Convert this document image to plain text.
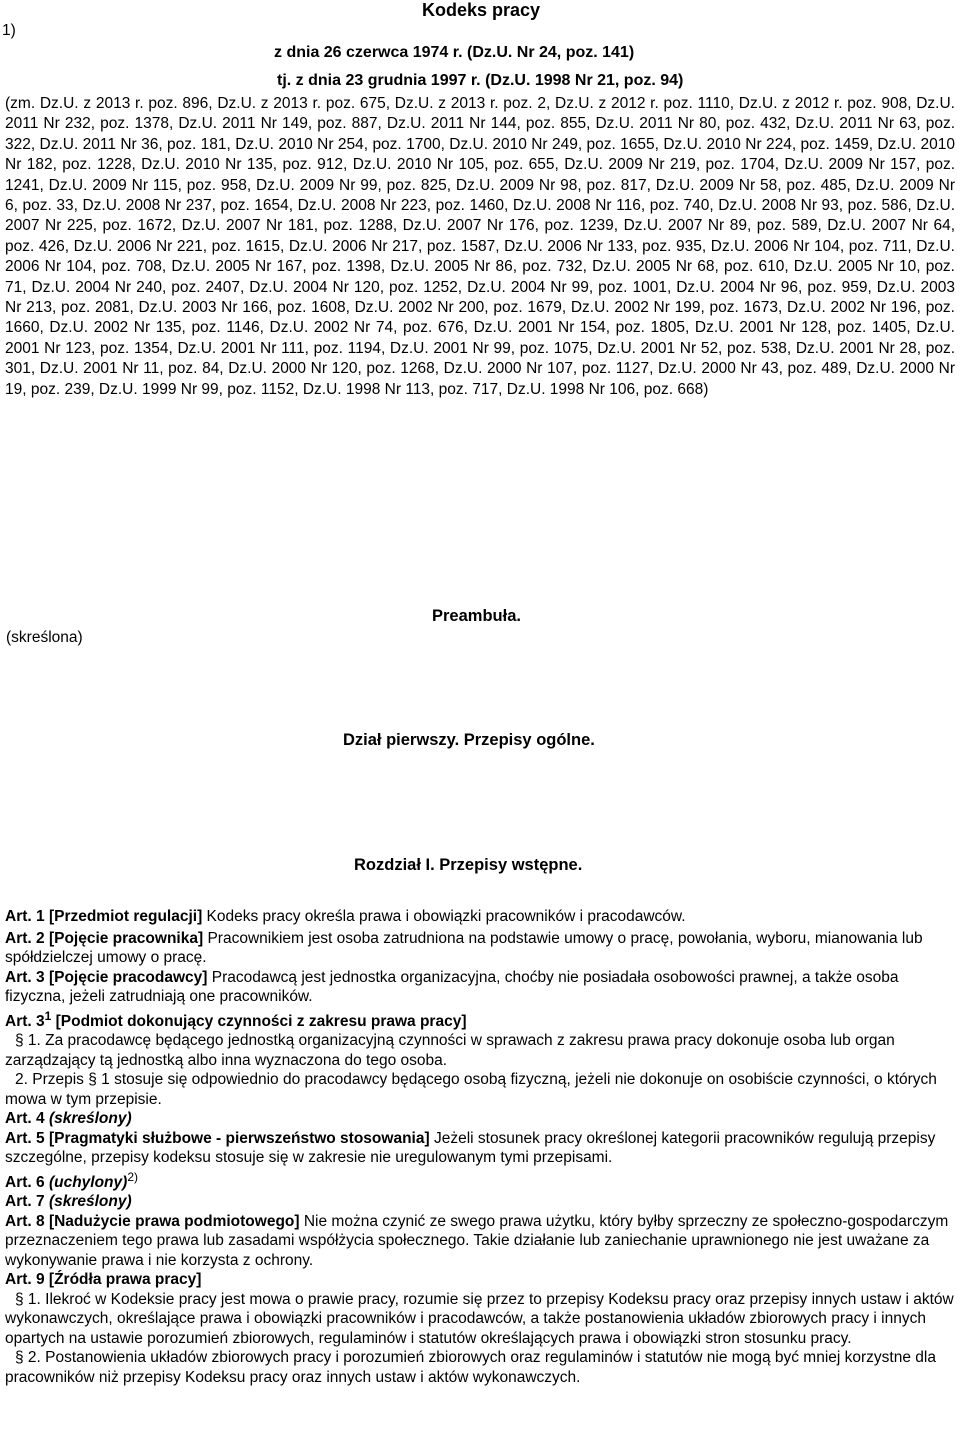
1)
Kodeks pracy
z dnia 26 czerwca 1974 r. (Dz.U. Nr 24, poz. 141)
tj. z dnia 23 grudnia 1997 r. (Dz.U. 1998 Nr 21, poz. 94)
(zm. Dz.U. z 2013 r. poz. 896, Dz.U. z 2013 r. poz. 675, Dz.U. z 2013 r. poz. 2, Dz.U. z 2012 r. poz. 1110, Dz.U. z 2012 r. poz. 908, Dz.U. 2011 Nr 232, poz. 1378, Dz.U. 2011 Nr 149, poz. 887, Dz.U. 2011 Nr 144, poz. 855, Dz.U. 2011 Nr 80, poz. 432, Dz.U. 2011 Nr 63, poz. 322, Dz.U. 2011 Nr 36, poz. 181, Dz.U. 2010 Nr 254, poz. 1700, Dz.U. 2010 Nr 249, poz. 1655, Dz.U. 2010 Nr 224, poz. 1459, Dz.U. 2010 Nr 182, poz. 1228, Dz.U. 2010 Nr 135, poz. 912, Dz.U. 2010 Nr 105, poz. 655, Dz.U. 2009 Nr 219, poz. 1704, Dz.U. 2009 Nr 157, poz. 1241, Dz.U. 2009 Nr 115, poz. 958, Dz.U. 2009 Nr 99, poz. 825, Dz.U. 2009 Nr 98, poz. 817, Dz.U. 2009 Nr 58, poz. 485, Dz.U. 2009 Nr 6, poz. 33, Dz.U. 2008 Nr 237, poz. 1654, Dz.U. 2008 Nr 223, poz. 1460, Dz.U. 2008 Nr 116, poz. 740, Dz.U. 2008 Nr 93, poz. 586, Dz.U. 2007 Nr 225, poz. 1672, Dz.U. 2007 Nr 181, poz. 1288, Dz.U. 2007 Nr 176, poz. 1239, Dz.U. 2007 Nr 89, poz. 589, Dz.U. 2007 Nr 64, poz. 426, Dz.U. 2006 Nr 221, poz. 1615, Dz.U. 2006 Nr 217, poz. 1587, Dz.U. 2006 Nr 133, poz. 935, Dz.U. 2006 Nr 104, poz. 711, Dz.U. 2006 Nr 104, poz. 708, Dz.U. 2005 Nr 167, poz. 1398, Dz.U. 2005 Nr 86, poz. 732, Dz.U. 2005 Nr 68, poz. 610, Dz.U. 2005 Nr 10, poz. 71, Dz.U. 2004 Nr 240, poz. 2407, Dz.U. 2004 Nr 120, poz. 1252, Dz.U. 2004 Nr 99, poz. 1001, Dz.U. 2004 Nr 96, poz. 959, Dz.U. 2003 Nr 213, poz. 2081, Dz.U. 2003 Nr 166, poz. 1608, Dz.U. 2002 Nr 200, poz. 1679, Dz.U. 2002 Nr 199, poz. 1673, Dz.U. 2002 Nr 196, poz. 1660, Dz.U. 2002 Nr 135, poz. 1146, Dz.U. 2002 Nr 74, poz. 676, Dz.U. 2001 Nr 154, poz. 1805, Dz.U. 2001 Nr 128, poz. 1405, Dz.U. 2001 Nr 123, poz. 1354, Dz.U. 2001 Nr 111, poz. 1194, Dz.U. 2001 Nr 99, poz. 1075, Dz.U. 2001 Nr 52, poz. 538, Dz.U. 2001 Nr 28, poz. 301, Dz.U. 2001 Nr 11, poz. 84, Dz.U. 2000 Nr 120, poz. 1268, Dz.U. 2000 Nr 107, poz. 1127, Dz.U. 2000 Nr 43, poz. 489, Dz.U. 2000 Nr 19, poz. 239, Dz.U. 1999 Nr 99, poz. 1152, Dz.U. 1998 Nr 113, poz. 717, Dz.U. 1998 Nr 106, poz. 668)
(skreślona)
Preambuła.
Dział pierwszy. Przepisy ogólne.
Rozdział I. Przepisy wstępne.

Art. 1 [Przedmiot regulacji] Kodeks pracy określa prawa i obowiązki pracowników i pracodawców.

Art. 2 [Pojęcie pracownika] Pracownikiem jest osoba zatrudniona na podstawie umowy o pracę, powołania, wyboru, mianowania lub spółdzielczej umowy o pracę.

Art. 3 [Pojęcie pracodawcy] Pracodawcą jest jednostka organizacyjna, choćby nie posiadała osobowości prawnej, a także osoba fizyczna, jeżeli zatrudniają one pracowników.

Art. $3^1$ [Podmiot dokonujący czynności z zakresu prawa pracy]

§ 1. Za pracodawcę będącego jednostką organizacyjną czynności w sprawach z zakresu prawa pracy dokonuje osoba lub organ zarządzający tą jednostką albo inna wyznaczona do tego osoba.

2. Przepis § 1 stosuje się odpowiednio do pracodawcy będącego osobą fizyczną, jeżeli nie dokonuje on osobiście czynności, o których mowa w tym przepisie.

Art. 4 (skreślony)

Art. 5 [Pragmatyki służbowe - pierwszeństwo stosowania] Jeżeli stosunek pracy określonej kategorii pracowników regulują przepisy szczególne, przepisy kodeksu stosuje się w zakresie nie uregulowanym tymi przepisami.

Art. 6 (uchylony)$^{2)}$

Art. 7 (skreślony)

Art. 8 [Nadużycie prawa podmiotowego] Nie można czynić ze swego prawa użytku, który byłby sprzeczny ze społeczno-gospodarczym przeznaczeniem tego prawa lub zasadami współżycia społecznego. Takie działanie lub zaniechanie uprawnionego nie jest uważane za wykonywanie prawa i nie korzysta z ochrony.

Art. 9 [Źródła prawa pracy]

§ 1. Ilekroć w Kodeksie pracy jest mowa o prawie pracy, rozumie się przez to przepisy Kodeksu pracy oraz przepisy innych ustaw i aktów wykonawczych, określające prawa i obowiązki pracowników i pracodawców, a także postanowienia układów zbiorowych pracy i innych opartych na ustawie porozumień zbiorowych, regulaminów i statutów określających prawa i obowiązki stron stosunku pracy.

§ 2. Postanowienia układów zbiorowych pracy i porozumień zbiorowych oraz regulaminów i statutów nie mogą być mniej korzystne dla pracowników niż przepisy Kodeksu pracy oraz innych ustaw i aktów wykonawczych.
